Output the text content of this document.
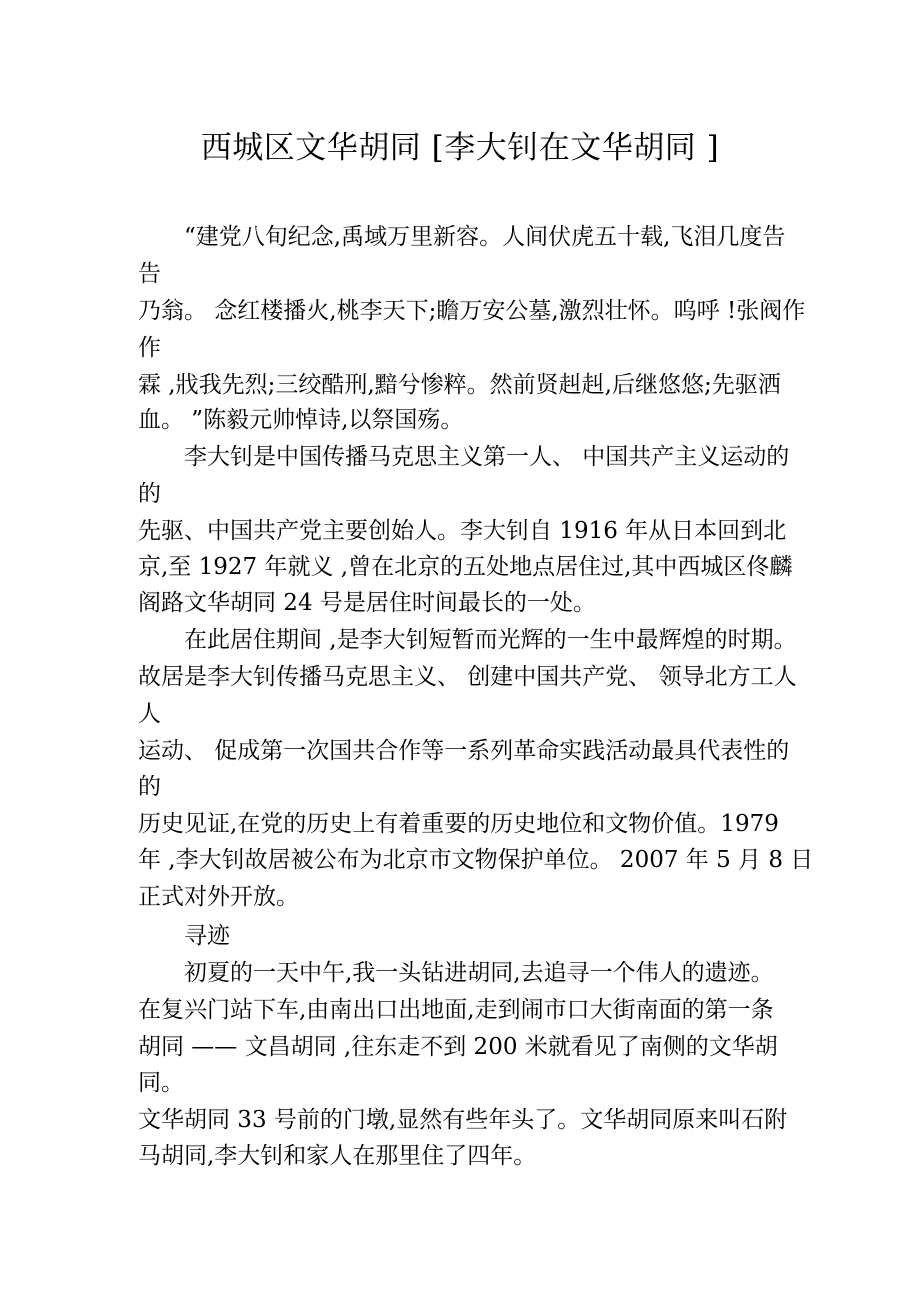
西城区文华胡同 [李大钊在文华胡同 ]
“建党八旬纪念,禹域万里新容。人间伏虎五十载,飞泪几度告
告
乃翁。 念红楼播火,桃李天下;瞻万安公墓,激烈壮怀。呜呼 !张阀作
作
霖 ,戕我先烈;三绞酷刑,黯兮惨粹。然前贤赳赳,后继悠悠;先驱洒
血。 ”陈毅元帅悼诗,以祭国殇。
李大钊是中国传播马克思主义第一人、 中国共产主义运动的
的
先驱、中国共产党主要创始人。李大钊自 1916 年从日本回到北
京,至 1927 年就义 ,曾在北京的五处地点居住过,其中西城区佟麟
阁路文华胡同 24 号是居住时间最长的一处。
在此居住期间 ,是李大钊短暂而光辉的一生中最辉煌的时期。
故居是李大钊传播马克思主义、 创建中国共产党、 领导北方工人
人
运动、 促成第一次国共合作等一系列革命实践活动最具代表性的
的
历史见证,在党的历史上有着重要的历史地位和文物价值。1979
年 ,李大钊故居被公布为北京市文物保护单位。 2007 年 5 月 8 日
正式对外开放。
寻迹
初夏的一天中午,我一头钻进胡同,去追寻一个伟人的遗迹。
在复兴门站下车,由南出口出地面,走到闹市口大街南面的第一条
胡同 —— 文昌胡同 ,往东走不到 200 米就看见了南侧的文华胡
同。
文华胡同 33 号前的门墩,显然有些年头了。文华胡同原来叫石附
马胡同,李大钊和家人在那里住了四年。
